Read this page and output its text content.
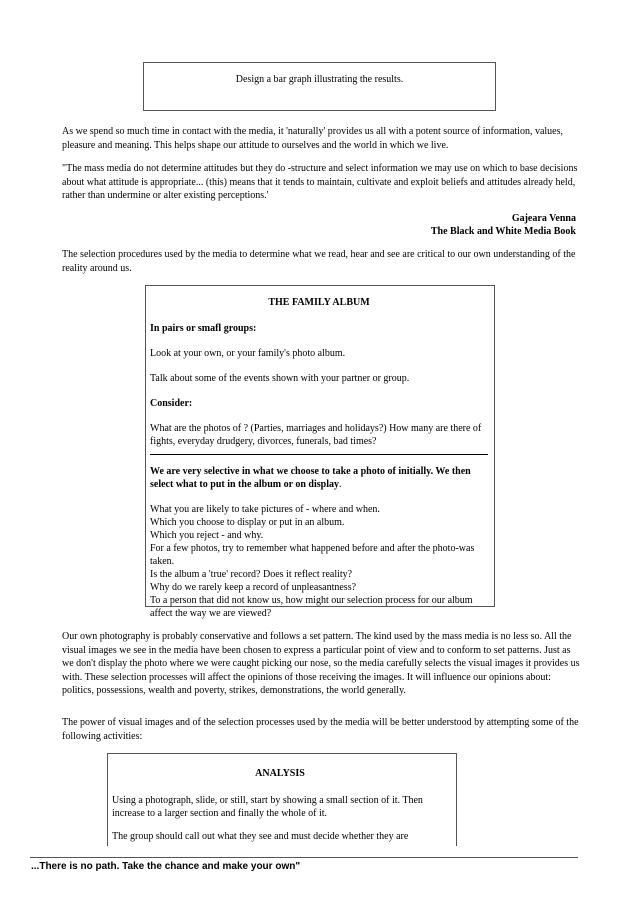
Design a bar graph illustrating the results.

As we spend so much time in contact with the media, it 'naturally' provides us all with a potent source of information, values, pleasure and meaning. This helps shape our attitude to ourselves and the world in which we live.

"The mass media do not determine attitudes but they do -structure and select information we may use on which to base decisions about what attitude is appropriate... (this) means that it tends to maintain, cultivate and exploit beliefs and attitudes already held, rather than undermine or alter existing perceptions.'

Gajeara Venna

The Black and White Media Book

The selection procedures used by the media to determine what we read, hear and see are critical to our own understanding of the reality around us.

THE FAMILY ALBUM

In pairs or smafl groups:

Look at your own, or your family's photo album.

Talk about some of the events shown with your partner or group.

Consider:

What are the photos of ? (Parties, marriages and holidays?) How many are there of fights, everyday drudgery, divorces, funerals, bad times?

We are very selective in what we choose to take a photo of initially. We then select what to put in the album or on display.

What you are likely to take pictures of - where and when.

Which you choose to display or put in an album.

Which you reject - and why.

For a few photos, try to remember what happened before and after the photo-was taken.

Is the album a 'true' record? Does it reflect reality?

Why do we rarely keep a record of unpleasantness?

To a person that did not know us, how might our selection process for our album affect the way we are viewed?

Our own photography is probably conservative and follows a set pattern. The kind used by the mass media is no less so. All the visual images we see in the media have been chosen to express a particular point of view and to conform to set patterns. Just as we don't display the photo where we were caught picking our nose, so the media carefully selects the visual images it provides us with. These selection processes will affect the opinions of those receiving the images. It will influence our opinions about: politics, possessions, wealth and poverty, strikes, demonstrations, the world generally.

The power of visual images and of the selection processes used by the media will be better understood by attempting some of the following activities:

ANALYSIS

Using a photograph, slide, or still, start by showing a small section of it. Then increase to a larger section and finally the whole of it.

The group should call out what they see and must decide whether they are

...There is no path. Take the chance and make your own"
